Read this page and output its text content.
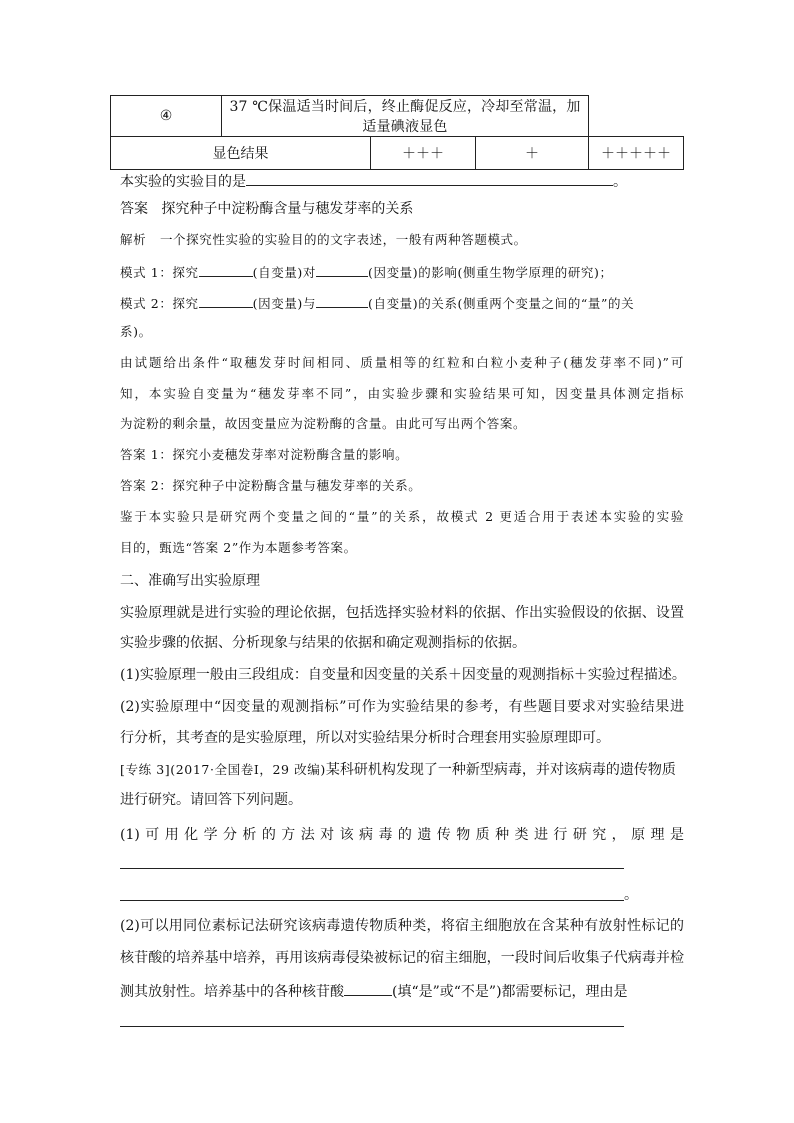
④	37 ℃保温适当时间后，终止酶促反应，冷却至常温，加适量碘液显色			
显色结果		＋＋＋	＋	＋＋＋＋＋
本实验的实验目的是	。
答案 探究种子中淀粉酶含量与穗发芽率的关系
解析 一个探究性实验的实验目的的文字表述，一般有两种答题模式。
模式 1：探究	(自变量)对	(因变量)的影响(侧重生物学原理的研究)；
模式 2：探究	(因变量)与	(自变量)的关系(侧重两个变量之间的“量”的关
系)。
由试题给出条件“取穗发芽时间相同、质量相等的红粒和白粒小麦种子(穗发芽率不同)”可
知，本实验自变量为“穗发芽率不同”，由实验步骤和实验结果可知，因变量具体测定指标
为淀粉的剩余量，故因变量应为淀粉酶的含量。由此可写出两个答案。
答案 1：探究小麦穗发芽率对淀粉酶含量的影响。
答案 2：探究种子中淀粉酶含量与穗发芽率的关系。
鉴于本实验只是研究两个变量之间的“量”的关系，故模式 2 更适合用于表述本实验的实验
目的，甄选“答案 2”作为本题参考答案。
二、准确写出实验原理
实验原理就是进行实验的理论依据，包括选择实验材料的依据、作出实验假设的依据、设置
实验步骤的依据、分析现象与结果的依据和确定观测指标的依据。
(1)实验原理一般由三段组成：自变量和因变量的关系＋因变量的观测指标＋实验过程描述。
(2)实验原理中“因变量的观测指标”可作为实验结果的参考，有些题目要求对实验结果进
行分析，其考查的是实验原理，所以对实验结果分析时合理套用实验原理即可。
[专练 3](2017·全国卷Ⅰ，29 改编)某科研机构发现了一种新型病毒，并对该病毒的遗传物质
进行研究。请回答下列问题。
(1)可用化学分析的方法对该病毒的遗传物质种类进行研究，原理是
。
(2)可以用同位素标记法研究该病毒遗传物质种类，将宿主细胞放在含某种有放射性标记的
核苷酸的培养基中培养，再用该病毒侵染被标记的宿主细胞，一段时间后收集子代病毒并检
测其放射性。培养基中的各种核苷酸	(填“是”或“不是”)都需要标记，理由是
